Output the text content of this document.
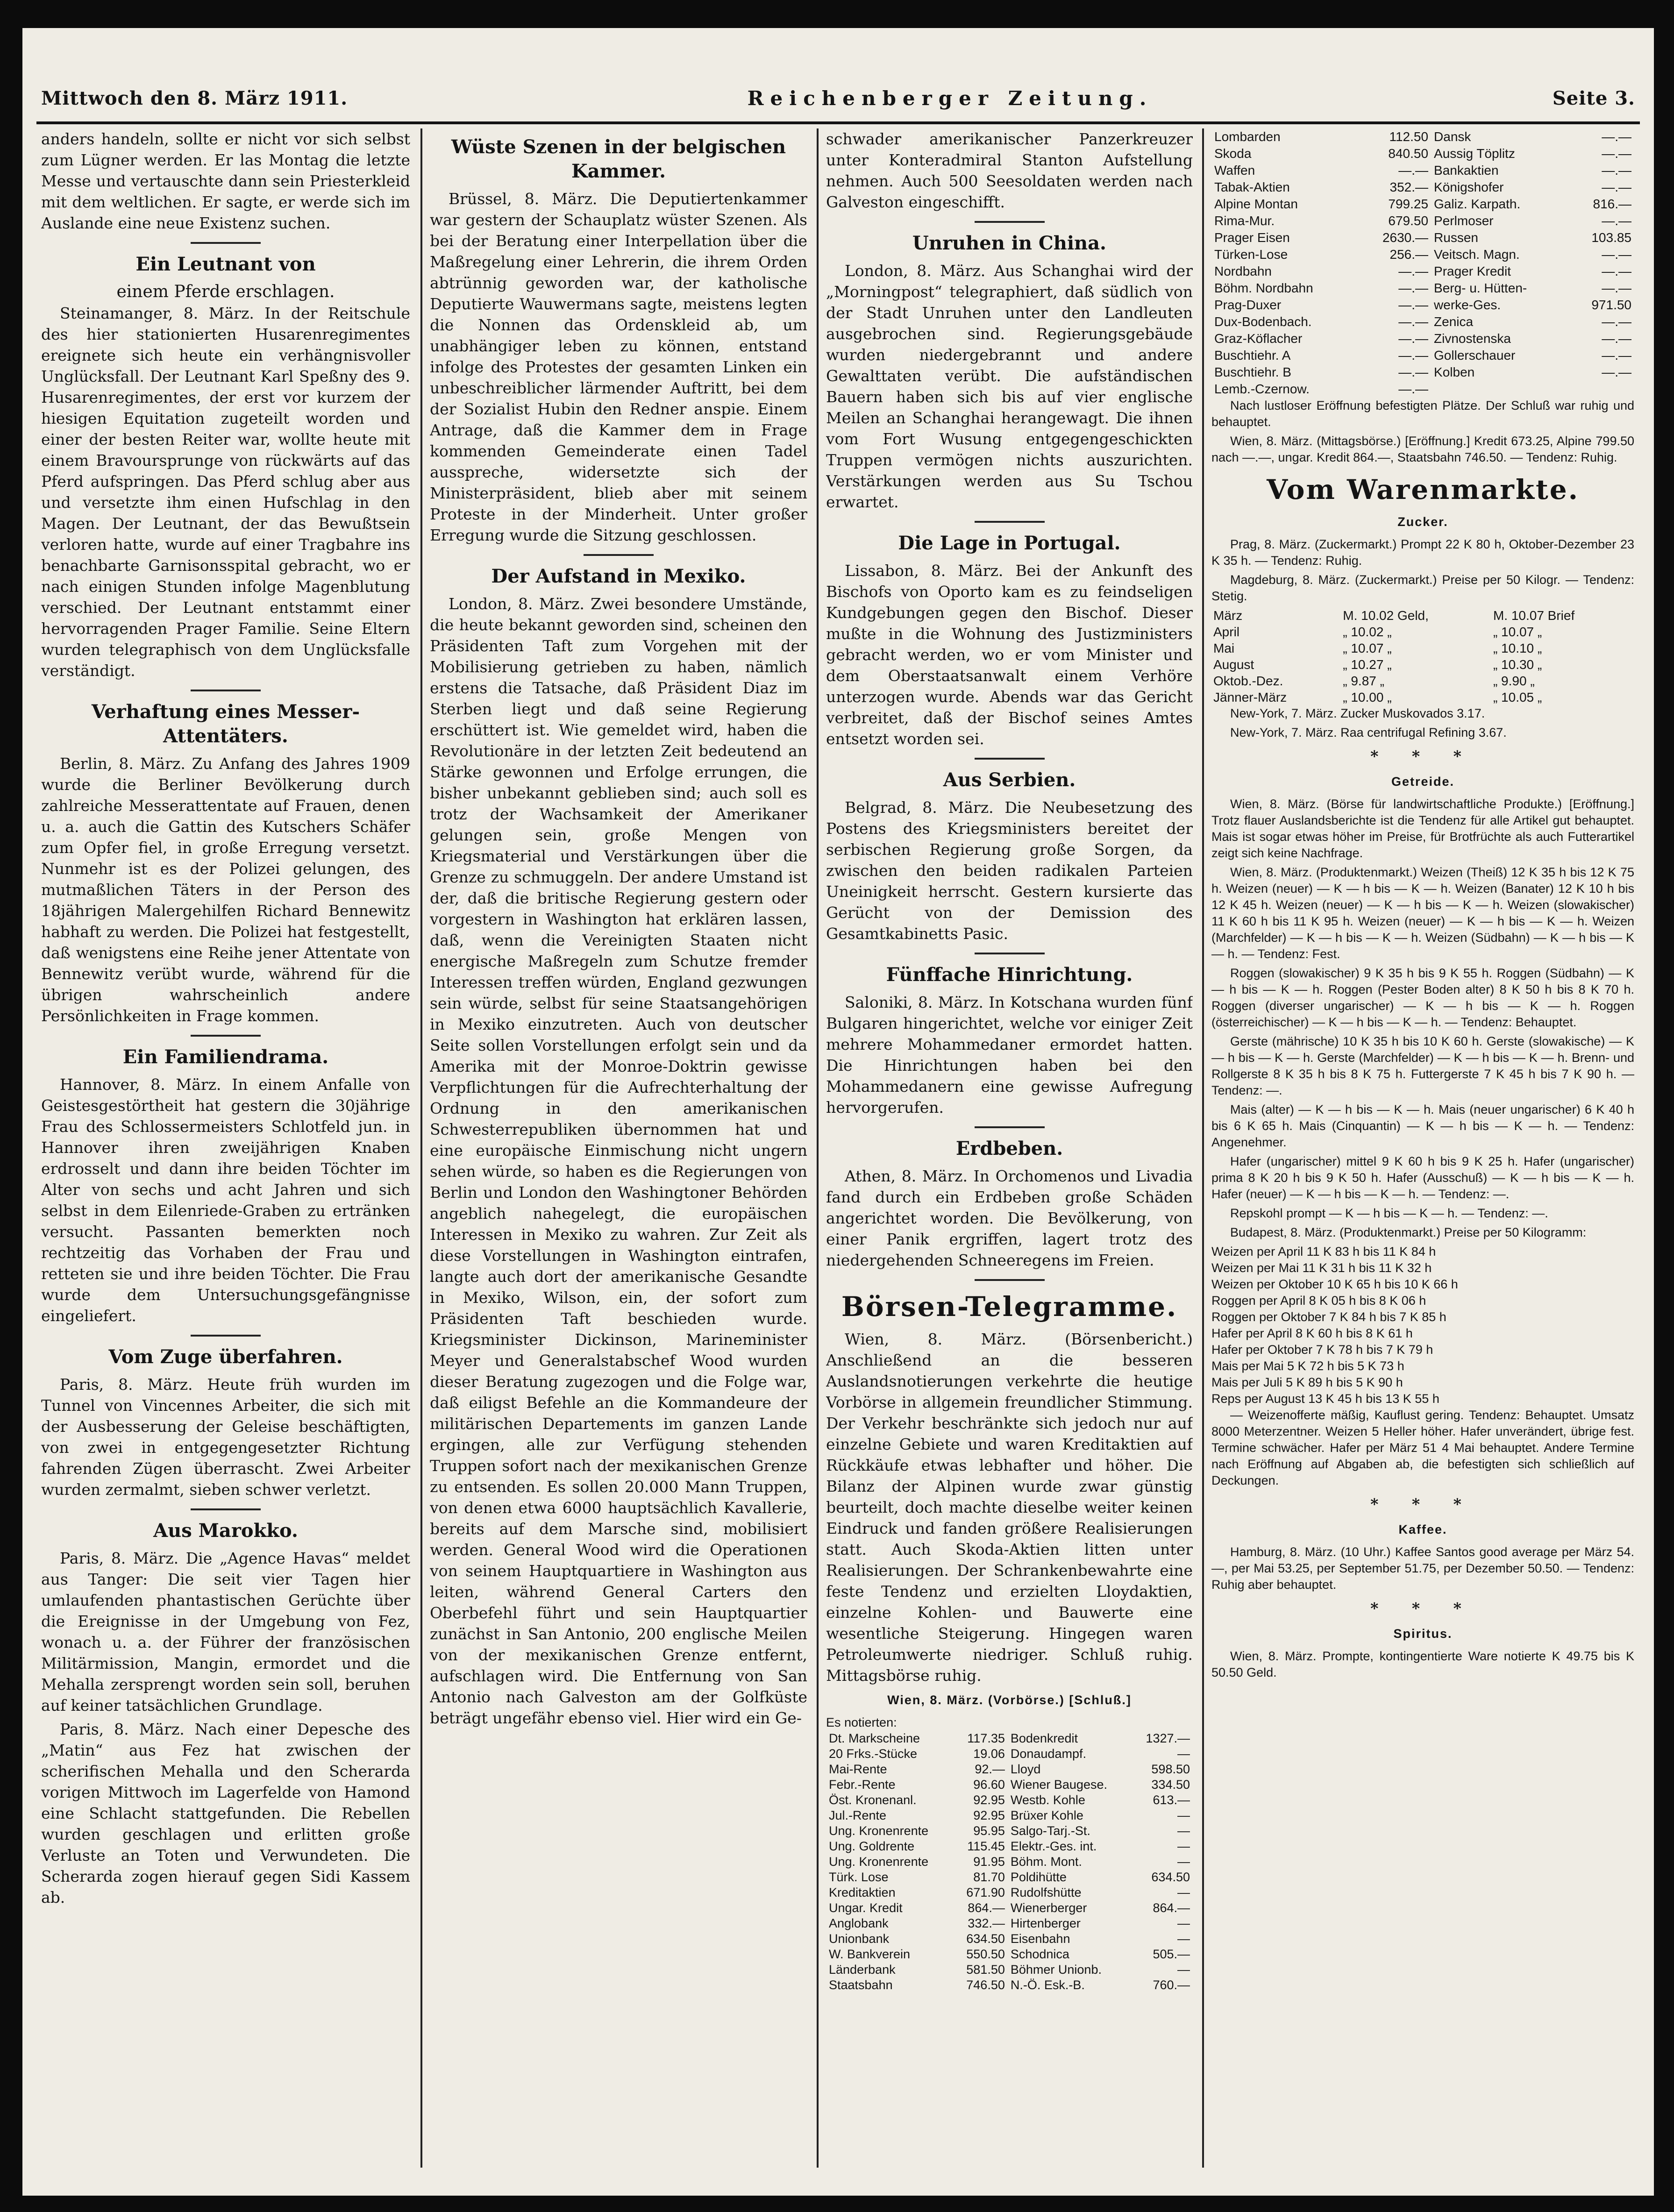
Mittwoch den 8. März 1911.	Reichenberger Zeitung.	Seite 3.

anders handeln, sollte er nicht vor sich selbst zum Lügner werden. Er las Montag die letzte Messe und vertauschte dann sein Priesterkleid mit dem weltlichen. Er sagte, er werde sich im Auslande eine neue Existenz suchen.

Ein Leutnant von
einem Pferde erschlagen.

Steinamanger, 8. März. In der Reitschule des hier stationierten Husarenregimentes ereignete sich heute ein verhängnisvoller Unglücksfall. Der Leutnant Karl Speßny des 9. Husarenregimentes, der erst vor kurzem der hiesigen Equitation zugeteilt worden und einer der besten Reiter war, wollte heute mit einem Bravoursprunge von rückwärts auf das Pferd aufspringen. Das Pferd schlug aber aus und versetzte ihm einen Hufschlag in den Magen. Der Leutnant, der das Bewußtsein verloren hatte, wurde auf einer Tragbahre ins benachbarte Garnisonsspital gebracht, wo er nach einigen Stunden infolge Magenblutung verschied. Der Leutnant entstammt einer hervorragenden Prager Familie. Seine Eltern wurden telegraphisch von dem Unglücksfalle verständigt.

Verhaftung eines Messer-Attentäters.

Berlin, 8. März. Zu Anfang des Jahres 1909 wurde die Berliner Bevölkerung durch zahlreiche Messerattentate auf Frauen, denen u. a. auch die Gattin des Kutschers Schäfer zum Opfer fiel, in große Erregung versetzt. Nunmehr ist es der Polizei gelungen, des mutmaßlichen Täters in der Person des 18jährigen Malergehilfen Richard Bennewitz habhaft zu werden. Die Polizei hat festgestellt, daß wenigstens eine Reihe jener Attentate von Bennewitz verübt wurde, während für die übrigen wahrscheinlich andere Persönlichkeiten in Frage kommen.

Ein Familiendrama.

Hannover, 8. März. In einem Anfalle von Geistesgestörtheit hat gestern die 30jährige Frau des Schlossermeisters Schlotfeld jun. in Hannover ihren zweijährigen Knaben erdrosselt und dann ihre beiden Töchter im Alter von sechs und acht Jahren und sich selbst in dem Eilenriede-Graben zu ertränken versucht. Passanten bemerkten noch rechtzeitig das Vorhaben der Frau und retteten sie und ihre beiden Töchter. Die Frau wurde dem Untersuchungsgefängnisse eingeliefert.

Vom Zuge überfahren.

Paris, 8. März. Heute früh wurden im Tunnel von Vincennes Arbeiter, die sich mit der Ausbesserung der Geleise beschäftigten, von zwei in entgegengesetzter Richtung fahrenden Zügen überrascht. Zwei Arbeiter wurden zermalmt, sieben schwer verletzt.

Aus Marokko.

Paris, 8. März. Die „Agence Havas“ meldet aus Tanger: Die seit vier Tagen hier umlaufenden phantastischen Gerüchte über die Ereignisse in der Umgebung von Fez, wonach u. a. der Führer der französischen Militärmission, Mangin, ermordet und die Mehalla zersprengt worden sein soll, beruhen auf keiner tatsächlichen Grundlage.

Paris, 8. März. Nach einer Depesche des „Matin“ aus Fez hat zwischen der scherifischen Mehalla und den Scherarda vorigen Mittwoch im Lagerfelde von Hamond eine Schlacht stattgefunden. Die Rebellen wurden geschlagen und erlitten große Verluste an Toten und Verwundeten. Die Scherarda zogen hierauf gegen Sidi Kassem ab.

Wüste Szenen in der belgischen Kammer.

Brüssel, 8. März. Die Deputiertenkammer war gestern der Schauplatz wüster Szenen. Als bei der Beratung einer Interpellation über die Maßregelung einer Lehrerin, die ihrem Orden abtrünnig geworden war, der katholische Deputierte Wauwermans sagte, meistens legten die Nonnen das Ordenskleid ab, um unabhängiger leben zu können, entstand infolge des Protestes der gesamten Linken ein unbeschreiblicher lärmender Auftritt, bei dem der Sozialist Hubin den Redner anspie. Einem Antrage, daß die Kammer dem in Frage kommenden Gemeinderate einen Tadel ausspreche, widersetzte sich der Ministerpräsident, blieb aber mit seinem Proteste in der Minderheit. Unter großer Erregung wurde die Sitzung geschlossen.

Der Aufstand in Mexiko.

London, 8. März. Zwei besondere Umstände, die heute bekannt geworden sind, scheinen den Präsidenten Taft zum Vorgehen mit der Mobilisierung getrieben zu haben, nämlich erstens die Tatsache, daß Präsident Diaz im Sterben liegt und daß seine Regierung erschüttert ist. Wie gemeldet wird, haben die Revolutionäre in der letzten Zeit bedeutend an Stärke gewonnen und Erfolge errungen, die bisher unbekannt geblieben sind; auch soll es trotz der Wachsamkeit der Amerikaner gelungen sein, große Mengen von Kriegsmaterial und Verstärkungen über die Grenze zu schmuggeln. Der andere Umstand ist der, daß die britische Regierung gestern oder vorgestern in Washington hat erklären lassen, daß, wenn die Vereinigten Staaten nicht energische Maßregeln zum Schutze fremder Interessen treffen würden, England gezwungen sein würde, selbst für seine Staatsangehörigen in Mexiko einzutreten. Auch von deutscher Seite sollen Vorstellungen erfolgt sein und da Amerika mit der Monroe-Doktrin gewisse Verpflichtungen für die Aufrechterhaltung der Ordnung in den amerikanischen Schwesterrepubliken übernommen hat und eine europäische Einmischung nicht ungern sehen würde, so haben es die Regierungen von Berlin und London den Washingtoner Behörden angeblich nahegelegt, die europäischen Interessen in Mexiko zu wahren. Zur Zeit als diese Vorstellungen in Washington eintrafen, langte auch dort der amerikanische Gesandte in Mexiko, Wilson, ein, der sofort zum Präsidenten Taft beschieden wurde. Kriegsminister Dickinson, Marineminister Meyer und Generalstabschef Wood wurden dieser Beratung zugezogen und die Folge war, daß eiligst Befehle an die Kommandeure der militärischen Departements im ganzen Lande ergingen, alle zur Verfügung stehenden Truppen sofort nach der mexikanischen Grenze zu entsenden. Es sollen 20.000 Mann Truppen, von denen etwa 6000 hauptsächlich Kavallerie, bereits auf dem Marsche sind, mobilisiert werden. General Wood wird die Operationen von seinem Hauptquartiere in Washington aus leiten, während General Carters den Oberbefehl führt und sein Hauptquartier zunächst in San Antonio, 200 englische Meilen von der mexikanischen Grenze entfernt, aufschlagen wird. Die Entfernung von San Antonio nach Galveston am der Golfküste beträgt ungefähr ebenso viel. Hier wird ein Ge-

schwader amerikanischer Panzerkreuzer unter Konteradmiral Stanton Aufstellung nehmen. Auch 500 Seesoldaten werden nach Galveston eingeschifft.

Unruhen in China.

London, 8. März. Aus Schanghai wird der „Morningpost“ telegraphiert, daß südlich von der Stadt Unruhen unter den Landleuten ausgebrochen sind. Regierungsgebäude wurden niedergebrannt und andere Gewalttaten verübt. Die aufständischen Bauern haben sich bis auf vier englische Meilen an Schanghai herangewagt. Die ihnen vom Fort Wusung entgegengeschickten Truppen vermögen nichts auszurichten. Verstärkungen werden aus Su Tschou erwartet.

Die Lage in Portugal.

Lissabon, 8. März. Bei der Ankunft des Bischofs von Oporto kam es zu feindseligen Kundgebungen gegen den Bischof. Dieser mußte in die Wohnung des Justizministers gebracht werden, wo er vom Minister und dem Oberstaatsanwalt einem Verhöre unterzogen wurde. Abends war das Gericht verbreitet, daß der Bischof seines Amtes entsetzt worden sei.

Aus Serbien.

Belgrad, 8. März. Die Neubesetzung des Postens des Kriegsministers bereitet der serbischen Regierung große Sorgen, da zwischen den beiden radikalen Parteien Uneinigkeit herrscht. Gestern kursierte das Gerücht von der Demission des Gesamtkabinetts Pasic.

Fünffache Hinrichtung.

Saloniki, 8. März. In Kotschana wurden fünf Bulgaren hingerichtet, welche vor einiger Zeit mehrere Mohammedaner ermordet hatten. Die Hinrichtungen haben bei den Mohammedanern eine gewisse Aufregung hervorgerufen.

Erdbeben.

Athen, 8. März. In Orchomenos und Livadia fand durch ein Erdbeben große Schäden angerichtet worden. Die Bevölkerung, von einer Panik ergriffen, lagert trotz des niedergehenden Schneeregens im Freien.

Börsen-Telegramme.

Wien, 8. März. (Börsenbericht.) Anschließend an die besseren Auslandsnotierungen verkehrte die heutige Vorbörse in allgemein freundlicher Stimmung. Der Verkehr beschränkte sich jedoch nur auf einzelne Gebiete und waren Kreditaktien auf Rückkäufe etwas lebhafter und höher. Die Bilanz der Alpinen wurde zwar günstig beurteilt, doch machte dieselbe weiter keinen Eindruck und fanden größere Realisierungen statt. Auch Skoda-Aktien litten unter Realisierungen. Der Schrankenbewahrte eine feste Tendenz und erzielten Lloydaktien, einzelne Kohlen- und Bauwerte eine wesentliche Steigerung. Hingegen waren Petroleumwerte niedriger. Schluß ruhig. Mittagsbörse ruhig.

Wien, 8. März. (Vorbörse.) [Schluß.]
Es notierten:
Dt. Markscheine	117.35	Bodenkredit	1327.—
20 Frks.-Stücke	19.06	Donaudampf.	—
Mai-Rente	92.—	Lloyd	598.50
Febr.-Rente	96.60	Wiener Baugese.	334.50
Öst. Kronenanl.	92.95	Westb. Kohle	613.—
Jul.-Rente	92.95	Brüxer Kohle	—
Ung. Kronenrente	95.95	Salgo-Tarj.-St.	—
Ung. Goldrente	115.45	Elektr.-Ges. int.	—
Ung. Kronenrente	91.95	Böhm. Mont.	—
Türk. Lose	81.70	Poldihütte	634.50
Kreditaktien	671.90	Rudolfshütte	—
Ungar. Kredit	864.—	Wienerberger	864.—
Anglobank	332.—	Hirtenberger	—
Unionbank	634.50	Eisenbahn	—
W. Bankverein	550.50	Schodnica	505.—
Länderbank	581.50	Böhmer Unionb.	—
Staatsbahn	746.50	N.-Ö. Esk.-B.	760.—
Lombarden	112.50	Dansk	—.—
Skoda	840.50	Aussig Töplitz	—.—
Waffen	—.—	Bankaktien	—.—
Tabak-Aktien	352.—	Königshofer	—.—
Alpine Montan	799.25	Galiz. Karpath.	816.—
Rima-Mur.	679.50	Perlmoser	—.—
Prager Eisen	2630.—	Russen	103.85
Türken-Lose	256.—	Veitsch. Magn.	—.—
Nordbahn	—.—	Prager Kredit	—.—
Böhm. Nordbahn	—.—	Berg- u. Hütten-	—.—
Prag-Duxer	—.—	werke-Ges.	971.50
Dux-Bodenbach.	—.—	Zenica	—.—
Graz-Köflacher	—.—	Zivnostenska	—.—
Buschtiehr. A	—.—	Gollerschauer	—.—
Buschtiehr. B	—.—	Kolben	—.—
Lemb.-Czernow.	—.—		

Nach lustloser Eröffnung befestigten Plätze. Der Schluß war ruhig und behauptet.

Wien, 8. März. (Mittagsbörse.) [Eröffnung.] Kredit 673.25, Alpine 799.50 nach —.—, ungar. Kredit 864.—, Staatsbahn 746.50. — Tendenz: Ruhig.

Vom Warenmarkte.
Zucker.

Prag, 8. März. (Zuckermarkt.) Prompt 22 K 80 h, Oktober-Dezember 23 K 35 h. — Tendenz: Ruhig.

Magdeburg, 8. März. (Zuckermarkt.) Preise per 50 Kilogr. — Tendenz: Stetig.

März	M. 10.02 Geld,	M. 10.07 Brief
April	„ 10.02 „	„ 10.07 „
Mai	„ 10.07 „	„ 10.10 „
August	„ 10.27 „	„ 10.30 „
Oktob.-Dez.	„ 9.87 „	„ 9.90 „
Jänner-März	„ 10.00 „	„ 10.05 „

New-York, 7. März. Zucker Muskovados 3.17.

New-York, 7. März. Raa centrifugal Refining 3.67.

* * *
Getreide.

Wien, 8. März. (Börse für landwirtschaftliche Produkte.) [Eröffnung.] Trotz flauer Auslandsberichte ist die Tendenz für alle Artikel gut behauptet. Mais ist sogar etwas höher im Preise, für Brotfrüchte als auch Futterartikel zeigt sich keine Nachfrage.

Wien, 8. März. (Produktenmarkt.) Weizen (Theiß) 12 K 35 h bis 12 K 75 h. Weizen (neuer) — K — h bis — K — h. Weizen (Banater) 12 K 10 h bis 12 K 45 h. Weizen (neuer) — K — h bis — K — h. Weizen (slowakischer) 11 K 60 h bis 11 K 95 h. Weizen (neuer) — K — h bis — K — h. Weizen (Marchfelder) — K — h bis — K — h. Weizen (Südbahn) — K — h bis — K — h. — Tendenz: Fest.

Roggen (slowakischer) 9 K 35 h bis 9 K 55 h. Roggen (Südbahn) — K — h bis — K — h. Roggen (Pester Boden alter) 8 K 50 h bis 8 K 70 h. Roggen (diverser ungarischer) — K — h bis — K — h. Roggen (österreichischer) — K — h bis — K — h. — Tendenz: Behauptet.

Gerste (mährische) 10 K 35 h bis 10 K 60 h. Gerste (slowakische) — K — h bis — K — h. Gerste (Marchfelder) — K — h bis — K — h. Brenn- und Rollgerste 8 K 35 h bis 8 K 75 h. Futtergerste 7 K 45 h bis 7 K 90 h. — Tendenz: —.

Mais (alter) — K — h bis — K — h. Mais (neuer ungarischer) 6 K 40 h bis 6 K 65 h. Mais (Cinquantin) — K — h bis — K — h. — Tendenz: Angenehmer.

Hafer (ungarischer) mittel 9 K 60 h bis 9 K 25 h. Hafer (ungarischer) prima 8 K 20 h bis 9 K 50 h. Hafer (Ausschuß) — K — h bis — K — h. Hafer (neuer) — K — h bis — K — h. — Tendenz: —.

Repskohl prompt — K — h bis — K — h. — Tendenz: —.

Budapest, 8. März. (Produktenmarkt.) Preise per 50 Kilogramm:

Weizen per April 11 K 83 h bis 11 K 84 h
Weizen per Mai 11 K 31 h bis 11 K 32 h
Weizen per Oktober 10 K 65 h bis 10 K 66 h
Roggen per April 8 K 05 h bis 8 K 06 h
Roggen per Oktober 7 K 84 h bis 7 K 85 h
Hafer per April 8 K 60 h bis 8 K 61 h
Hafer per Oktober 7 K 78 h bis 7 K 79 h
Mais per Mai 5 K 72 h bis 5 K 73 h
Mais per Juli 5 K 89 h bis 5 K 90 h
Reps per August 13 K 45 h bis 13 K 55 h

— Weizenofferte mäßig, Kauflust gering. Tendenz: Behauptet. Umsatz 8000 Meterzentner. Weizen 5 Heller höher. Hafer unverändert, übrige fest. Termine schwächer. Hafer per März 51 4 Mai behauptet. Andere Termine nach Eröffnung auf Abgaben ab, die befestigten sich schließlich auf Deckungen.

* * *
Kaffee.

Hamburg, 8. März. (10 Uhr.) Kaffee Santos good average per März 54.—, per Mai 53.25, per September 51.75, per Dezember 50.50. — Tendenz: Ruhig aber behauptet.

* * *
Spiritus.

Wien, 8. März. Prompte, kontingentierte Ware notierte K 49.75 bis K 50.50 Geld.
